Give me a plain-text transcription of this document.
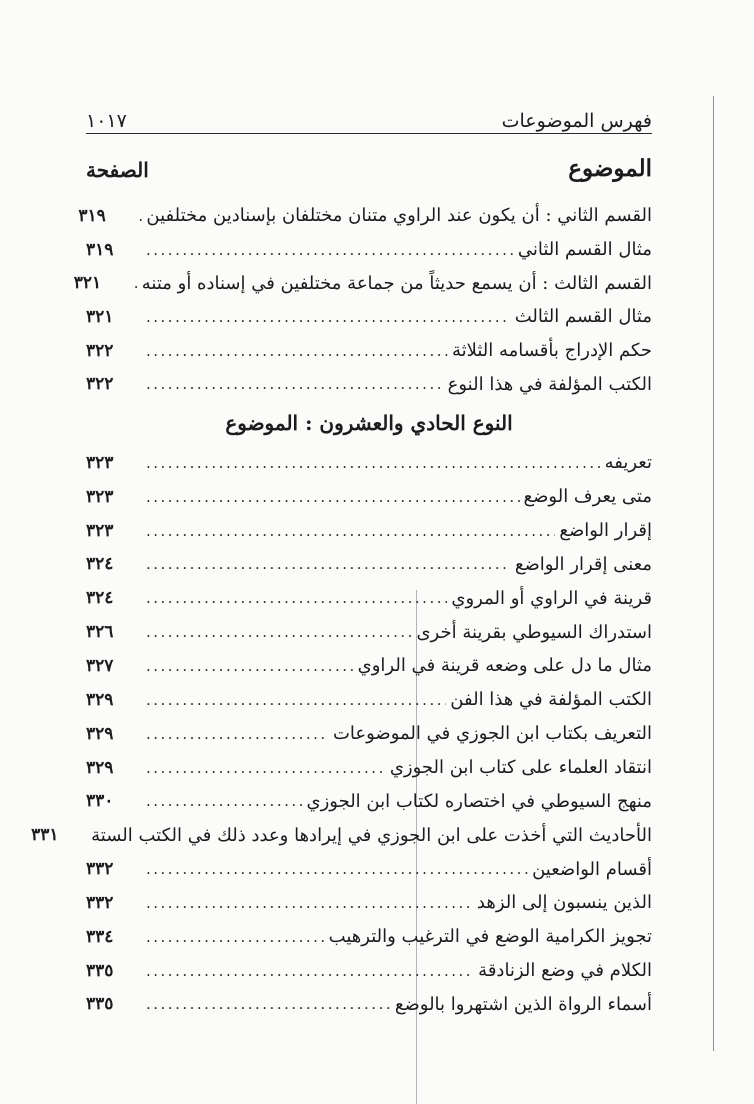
فهرس الموضوعات
١٠١٧
الموضوع
الصفحة
القسم الثاني : أن يكون عند الراوي متنان مختلفان بإسنادين مختلفين
.....
٣١٩
مثال القسم الثاني
.....
٣١٩
القسم الثالث : أن يسمع حديثاً من جماعة مختلفين في إسناده أو متنه
.....
٣٢١
مثال القسم الثالث
.....
٣٢١
حكم الإدراج بأقسامه الثلاثة
.....
٣٢٢
الكتب المؤلفة في هذا النوع
.....
٣٢٢
النوع الحادي والعشرون : الموضوع
تعريفه
.....
٣٢٣
متى يعرف الوضع
.....
٣٢٣
إقرار الواضع
.....
٣٢٣
معنى إقرار الواضع
.....
٣٢٤
قرينة في الراوي أو المروي
.....
٣٢٤
استدراك السيوطي بقرينة أخرى
.....
٣٢٦
مثال ما دل على وضعه قرينة في الراوي
.....
٣٢٧
الكتب المؤلفة في هذا الفن
.....
٣٢٩
التعريف بكتاب ابن الجوزي في الموضوعات
.....
٣٢٩
انتقاد العلماء على كتاب ابن الجوزي
.....
٣٢٩
منهج السيوطي في اختصاره لكتاب ابن الجوزي
.....
٣٣٠
الأحاديث التي أخذت على ابن الجوزي في إيرادها وعدد ذلك في الكتب الستة
٣٣١
أقسام الواضعين
.....
٣٣٢
الذين ينسبون إلى الزهد
.....
٣٣٢
تجويز الكرامية الوضع في الترغيب والترهيب
.....
٣٣٤
الكلام في وضع الزنادقة
.....
٣٣٥
أسماء الرواة الذين اشتهروا بالوضع
.....
٣٣٥
